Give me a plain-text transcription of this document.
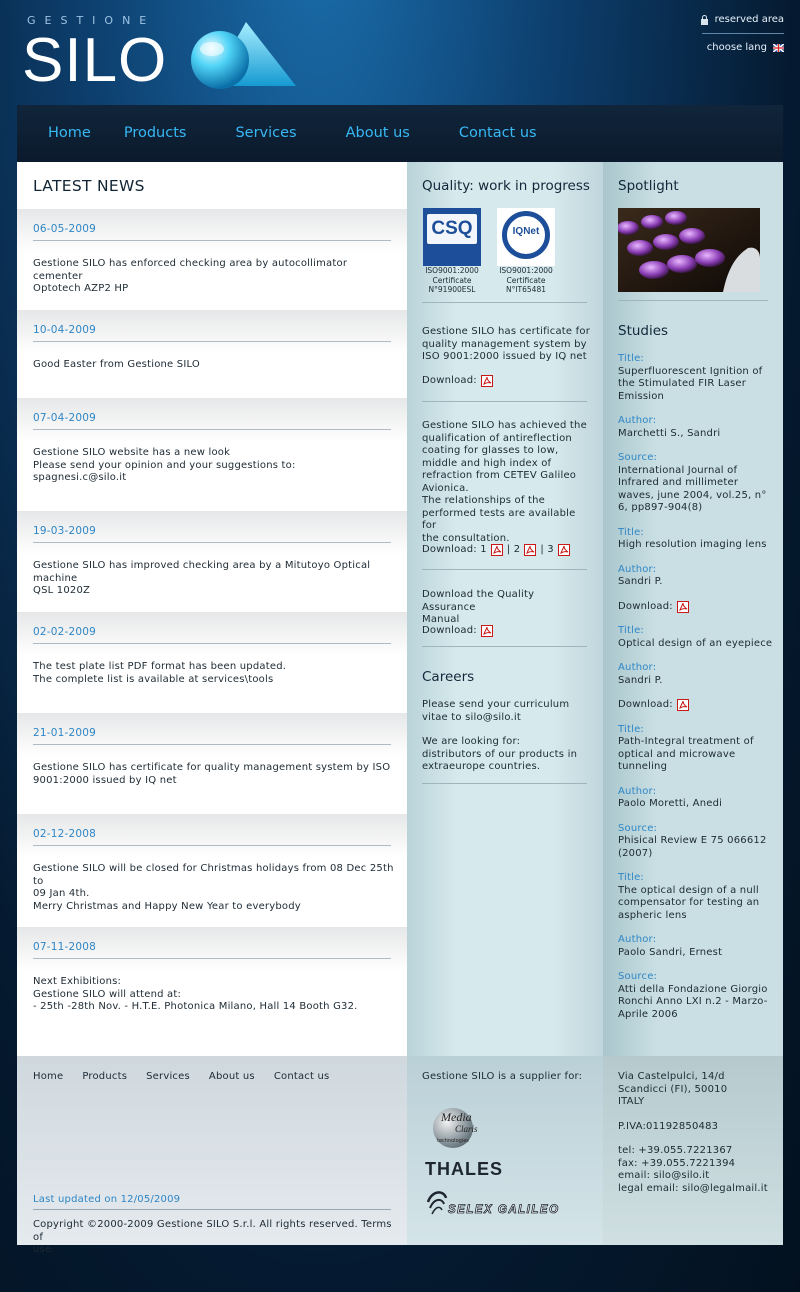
GESTIONE
SILO
reserved area
choose lang
Home Products	Services	About us	Contact us
LATEST NEWS
06-05-2009
Gestione SILO has enforced checking area by autocollimator cementer
Optotech AZP2 HP
10-04-2009
Good Easter from Gestione SILO
07-04-2009
Gestione SILO website has a new look
Please send your opinion and your suggestions to:
spagnesi.c@silo.it
19-03-2009
Gestione SILO has improved checking area by a Mitutoyo Optical machine
QSL 1020Z
02-02-2009
The test plate list PDF format has been updated.
The complete list is available at services\tools
21-01-2009
Gestione SILO has certificate for quality management system by ISO
9001:2000 issued by IQ net
02-12-2008
Gestione SILO will be closed for Christmas holidays from 08 Dec 25th to
09 Jan 4th.
Merry Christmas and Happy New Year to everybody
07-11-2008
Next Exhibitions:
Gestione SILO will attend at:
- 25th -28th Nov. - H.T.E. Photonica Milano, Hall 14 Booth G32.
Quality: work in progress
CSQ
ISO9001:2000
Certificate
N°91900ESL
IQNet
ISO9001:2000
Certificate
N°IT65481
Gestione SILO has certificate for
quality management system by
ISO 9001:2000 issued by IQ net
Download:
Gestione SILO has achieved the
qualification of antireflection
coating for glasses to low,
middle and high index of
refraction from CETEV Galileo
Avionica.
The relationships of the
performed tests are available for
the consultation.
Download: 1 | 2 | 3
Download the Quality Assurance
Manual
Download:
Careers
Please send your curriculum
vitae to silo@silo.it
We are looking for:
distributors of our products in
extraeurope countries.
Spotlight
Studies
Title:
Superfluorescent Ignition of
the Stimulated FIR Laser
Emission
Author:
Marchetti S., Sandri
Source:
International Journal of
Infrared and millimeter
waves, june 2004, vol.25, n°
6, pp897-904(8)
Title:
High resolution imaging lens
Author:
Sandri P.
Download:
Title:
Optical design of an eyepiece
Author:
Sandri P.
Download:
Title:
Path-Integral treatment of
optical and microwave
tunneling
Author:
Paolo Moretti, Anedi
Source:
Phisical Review E 75 066612
(2007)
Title:
The optical design of a null
compensator for testing an
aspheric lens
Author:
Paolo Sandri, Ernest
Source:
Atti della Fondazione Giorgio
Ronchi Anno LXI n.2 - Marzo-
Aprile 2006
Home Products Services About us Contact us
Last updated on 12/05/2009
Copyright ©2000-2009 Gestione SILO S.r.l. All rights reserved. Terms of
use.
Gestione SILO is a supplier for:
Media
Claris
technologies
THALES
SELEX GALILEO
Via Castelpulci, 14/d
Scandicci (FI), 50010
ITALY
P.IVA:01192850483
tel: +39.055.7221367
fax: +39.055.7221394
email: silo@silo.it
legal email: silo@legalmail.it
